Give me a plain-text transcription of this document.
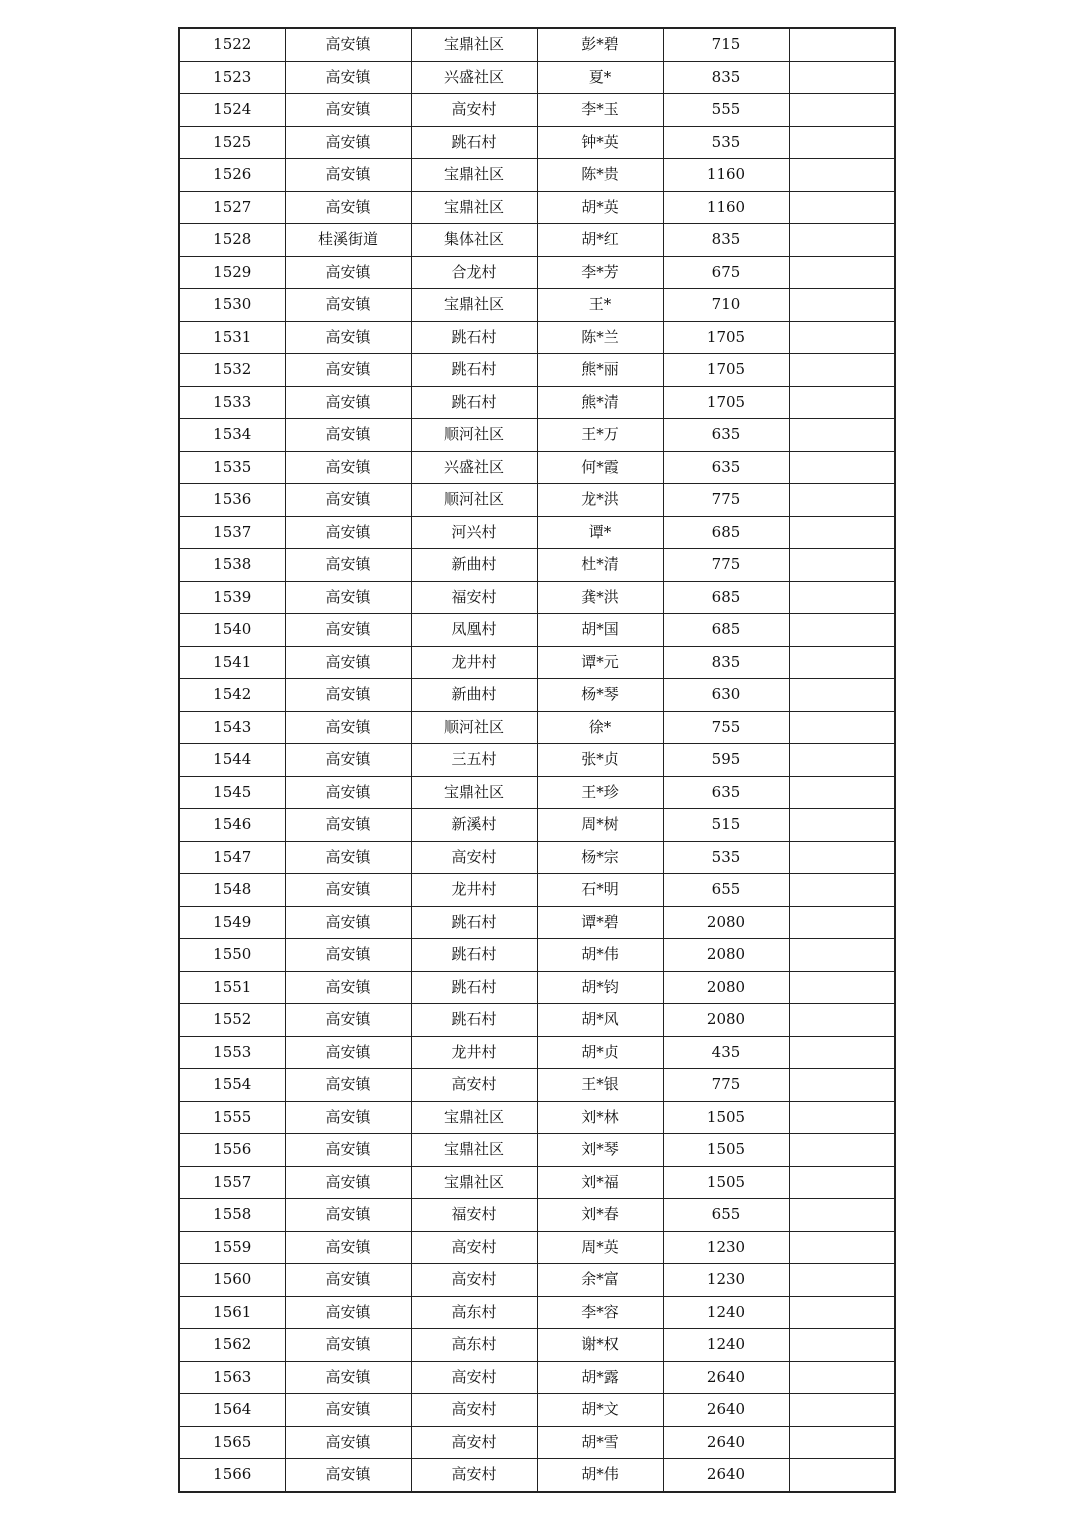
1522	高安镇	宝鼎社区	彭*碧	715	
1523	高安镇	兴盛社区	夏*	835	
1524	高安镇	高安村	李*玉	555	
1525	高安镇	跳石村	钟*英	535	
1526	高安镇	宝鼎社区	陈*贵	1160	
1527	高安镇	宝鼎社区	胡*英	1160	
1528	桂溪街道	集体社区	胡*红	835	
1529	高安镇	合龙村	李*芳	675	
1530	高安镇	宝鼎社区	王*	710	
1531	高安镇	跳石村	陈*兰	1705	
1532	高安镇	跳石村	熊*丽	1705	
1533	高安镇	跳石村	熊*清	1705	
1534	高安镇	顺河社区	王*万	635	
1535	高安镇	兴盛社区	何*霞	635	
1536	高安镇	顺河社区	龙*洪	775	
1537	高安镇	河兴村	谭*	685	
1538	高安镇	新曲村	杜*清	775	
1539	高安镇	福安村	龚*洪	685	
1540	高安镇	凤凰村	胡*国	685	
1541	高安镇	龙井村	谭*元	835	
1542	高安镇	新曲村	杨*琴	630	
1543	高安镇	顺河社区	徐*	755	
1544	高安镇	三五村	张*贞	595	
1545	高安镇	宝鼎社区	王*珍	635	
1546	高安镇	新溪村	周*树	515	
1547	高安镇	高安村	杨*宗	535	
1548	高安镇	龙井村	石*明	655	
1549	高安镇	跳石村	谭*碧	2080	
1550	高安镇	跳石村	胡*伟	2080	
1551	高安镇	跳石村	胡*钧	2080	
1552	高安镇	跳石村	胡*风	2080	
1553	高安镇	龙井村	胡*贞	435	
1554	高安镇	高安村	王*银	775	
1555	高安镇	宝鼎社区	刘*林	1505	
1556	高安镇	宝鼎社区	刘*琴	1505	
1557	高安镇	宝鼎社区	刘*福	1505	
1558	高安镇	福安村	刘*春	655	
1559	高安镇	高安村	周*英	1230	
1560	高安镇	高安村	余*富	1230	
1561	高安镇	高东村	李*容	1240	
1562	高安镇	高东村	谢*权	1240	
1563	高安镇	高安村	胡*露	2640	
1564	高安镇	高安村	胡*文	2640	
1565	高安镇	高安村	胡*雪	2640	
1566	高安镇	高安村	胡*伟	2640	
